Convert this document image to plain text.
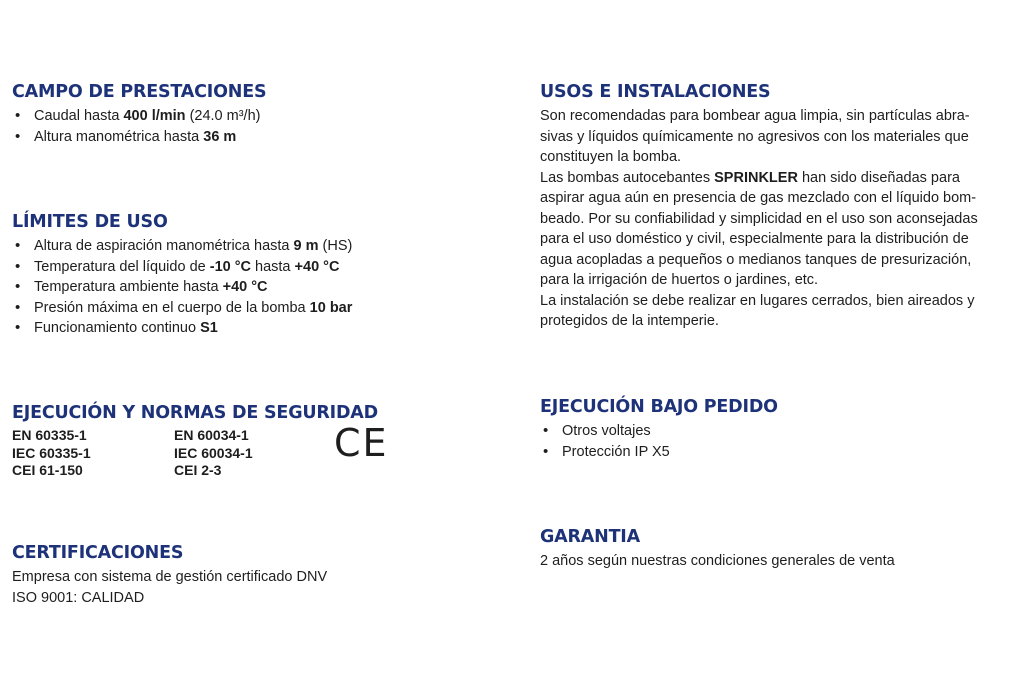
CAMPO DE PRESTACIONES
• Caudal hasta 400 l/min (24.0 m³/h)
• Altura manométrica hasta 36 m
LÍMITES DE USO
• Altura de aspiración manométrica hasta 9 m (HS)
• Temperatura del líquido de -10 °C hasta +40 °C
• Temperatura ambiente hasta +40 °C
• Presión máxima en el cuerpo de la bomba 10 bar
• Funcionamiento continuo S1
EJECUCIÓN Y NORMAS DE SEGURIDAD
EN 60335-1
IEC 60335-1
CEI 61-150
EN 60034-1
IEC 60034-1
CEI 2-3
CE
CERTIFICACIONES

Empresa con sistema de gestión certificado DNV

ISO 9001: CALIDAD

USOS E INSTALACIONES

Son recomendadas para bombear agua limpia, sin partículas abra-

sivas y líquidos químicamente no agresivos con los materiales que

constituyen la bomba.

Las bombas autocebantes SPRINKLER han sido diseñadas para

aspirar agua aún en presencia de gas mezclado con el líquido bom-

beado. Por su confiabilidad y simplicidad en el uso son aconsejadas

para el uso doméstico y civil, especialmente para la distribución de

agua acopladas a pequeños o medianos tanques de presurización,

para la irrigación de huertos o jardines, etc.

La instalación se debe realizar en lugares cerrados, bien aireados y

protegidos de la intemperie.

EJECUCIÓN BAJO PEDIDO
• Otros voltajes
• Protección IP X5
GARANTIA

2 años según nuestras condiciones generales de venta
